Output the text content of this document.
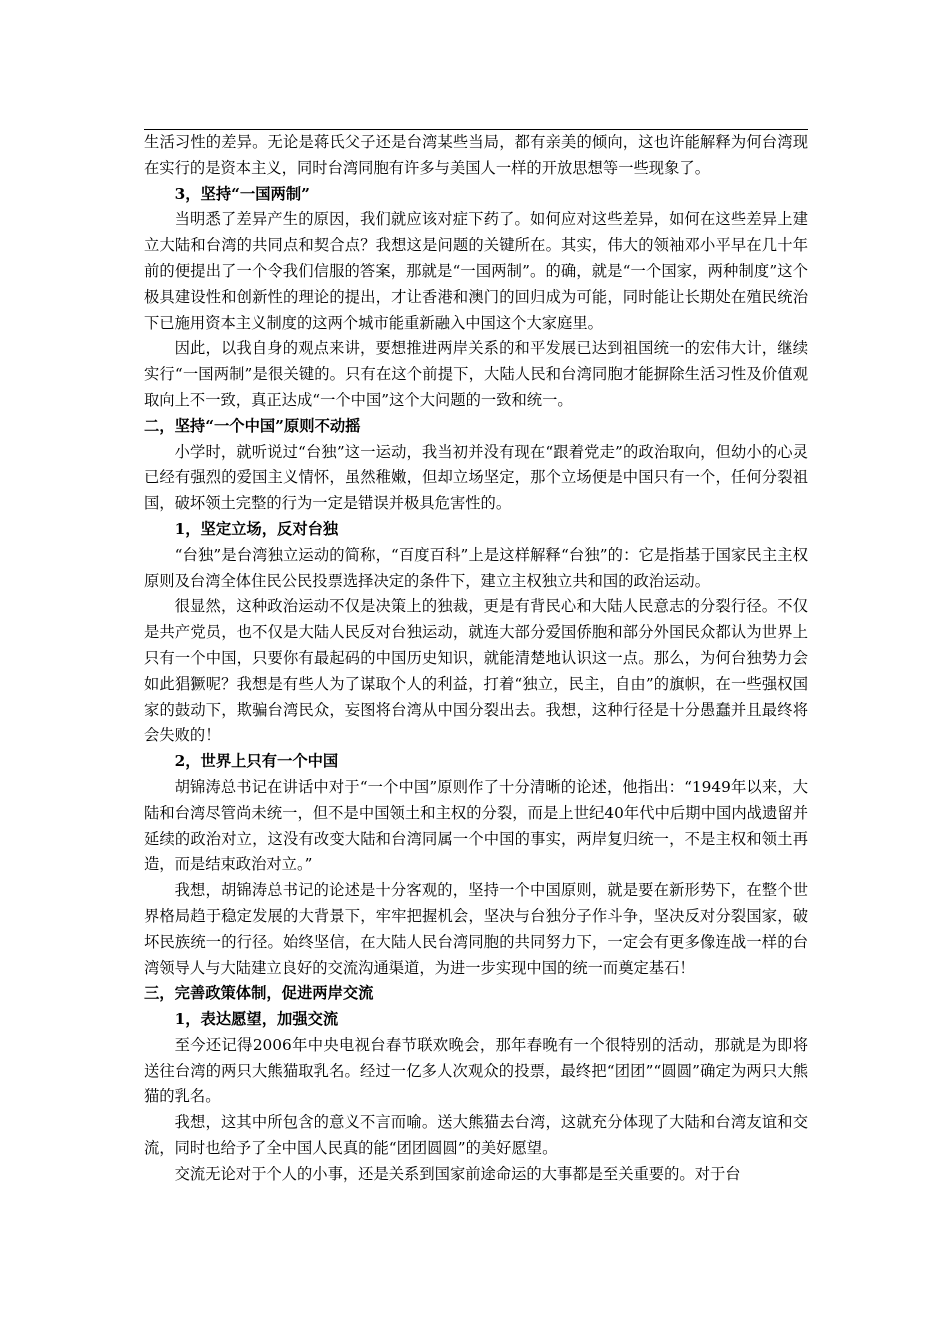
生活习性的差异。无论是蒋氏父子还是台湾某些当局，都有亲美的倾向，这也许能解释为何台湾现在实行的是资本主义，同时台湾同胞有许多与美国人一样的开放思想等一些现象了。

3，坚持“一国两制”

当明悉了差异产生的原因，我们就应该对症下药了。如何应对这些差异，如何在这些差异上建立大陆和台湾的共同点和契合点？我想这是问题的关键所在。其实，伟大的领袖邓小平早在几十年前的便提出了一个令我们信服的答案，那就是“一国两制”。的确，就是“一个国家，两种制度”这个极具建设性和创新性的理论的提出，才让香港和澳门的回归成为可能，同时能让长期处在殖民统治下已施用资本主义制度的这两个城市能重新融入中国这个大家庭里。

因此，以我自身的观点来讲，要想推进两岸关系的和平发展已达到祖国统一的宏伟大计，继续实行“一国两制”是很关键的。只有在这个前提下，大陆人民和台湾同胞才能摒除生活习性及价值观取向上不一致，真正达成“一个中国”这个大问题的一致和统一。

二，坚持“一个中国”原则不动摇

小学时，就听说过“台独”这一运动，我当初并没有现在“跟着党走”的政治取向，但幼小的心灵已经有强烈的爱国主义情怀，虽然稚嫩，但却立场坚定，那个立场便是中国只有一个，任何分裂祖国，破坏领土完整的行为一定是错误并极具危害性的。

1，坚定立场，反对台独

“台独”是台湾独立运动的简称，“百度百科”上是这样解释“台独”的：它是指基于国家民主主权原则及台湾全体住民公民投票选择决定的条件下，建立主权独立共和国的政治运动。

很显然，这种政治运动不仅是决策上的独裁，更是有背民心和大陆人民意志的分裂行径。不仅是共产党员，也不仅是大陆人民反对台独运动，就连大部分爱国侨胞和部分外国民众都认为世界上只有一个中国，只要你有最起码的中国历史知识，就能清楚地认识这一点。那么，为何台独势力会如此猖獗呢？我想是有些人为了谋取个人的利益，打着“独立，民主，自由”的旗帜，在一些强权国家的鼓动下，欺骗台湾民众，妄图将台湾从中国分裂出去。我想，这种行径是十分愚蠢并且最终将会失败的！

2，世界上只有一个中国

胡锦涛总书记在讲话中对于“一个中国”原则作了十分清晰的论述，他指出：“1949年以来，大陆和台湾尽管尚未统一，但不是中国领土和主权的分裂，而是上世纪40年代中后期中国内战遗留并延续的政治对立，这没有改变大陆和台湾同属一个中国的事实，两岸复归统一，不是主权和领土再造，而是结束政治对立。”

我想，胡锦涛总书记的论述是十分客观的，坚持一个中国原则，就是要在新形势下，在整个世界格局趋于稳定发展的大背景下，牢牢把握机会，坚决与台独分子作斗争，坚决反对分裂国家，破坏民族统一的行径。始终坚信，在大陆人民台湾同胞的共同努力下，一定会有更多像连战一样的台湾领导人与大陆建立良好的交流沟通渠道，为进一步实现中国的统一而奠定基石！

三，完善政策体制，促进两岸交流

1，表达愿望，加强交流

至今还记得2006年中央电视台春节联欢晚会，那年春晚有一个很特别的活动，那就是为即将送往台湾的两只大熊猫取乳名。经过一亿多人次观众的投票，最终把“团团”“圆圆”确定为两只大熊猫的乳名。

我想，这其中所包含的意义不言而喻。送大熊猫去台湾，这就充分体现了大陆和台湾友谊和交流，同时也给予了全中国人民真的能“团团圆圆”的美好愿望。

交流无论对于个人的小事，还是关系到国家前途命运的大事都是至关重要的。对于台
